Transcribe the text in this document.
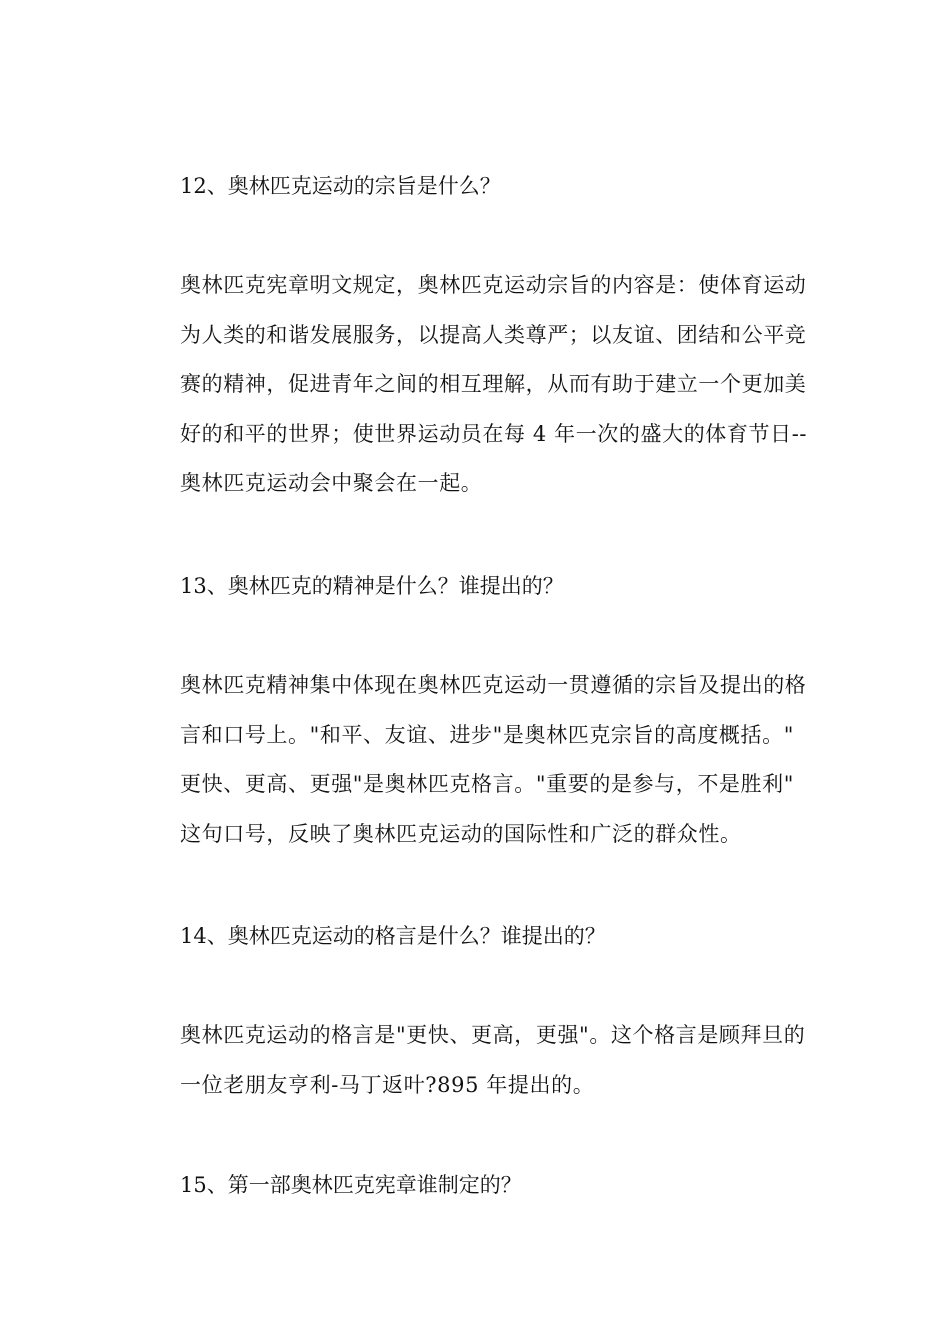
12、奥林匹克运动的宗旨是什么？
奥林匹克宪章明文规定，奥林匹克运动宗旨的内容是：使体育运动
为人类的和谐发展服务，以提高人类尊严；以友谊、团结和公平竞
赛的精神，促进青年之间的相互理解，从而有助于建立一个更加美
好的和平的世界；使世界运动员在每 4 年一次的盛大的体育节日--
奥林匹克运动会中聚会在一起。
13、奥林匹克的精神是什么？谁提出的？
奥林匹克精神集中体现在奥林匹克运动一贯遵循的宗旨及提出的格
言和口号上。"和平、友谊、进步"是奥林匹克宗旨的高度概括。"
更快、更高、更强"是奥林匹克格言。"重要的是参与，不是胜利"
这句口号，反映了奥林匹克运动的国际性和广泛的群众性。
14、奥林匹克运动的格言是什么？谁提出的？
奥林匹克运动的格言是"更快、更高，更强"。这个格言是顾拜旦的
一位老朋友亨利-马丁返叶?895 年提出的。
15、第一部奥林匹克宪章谁制定的？
